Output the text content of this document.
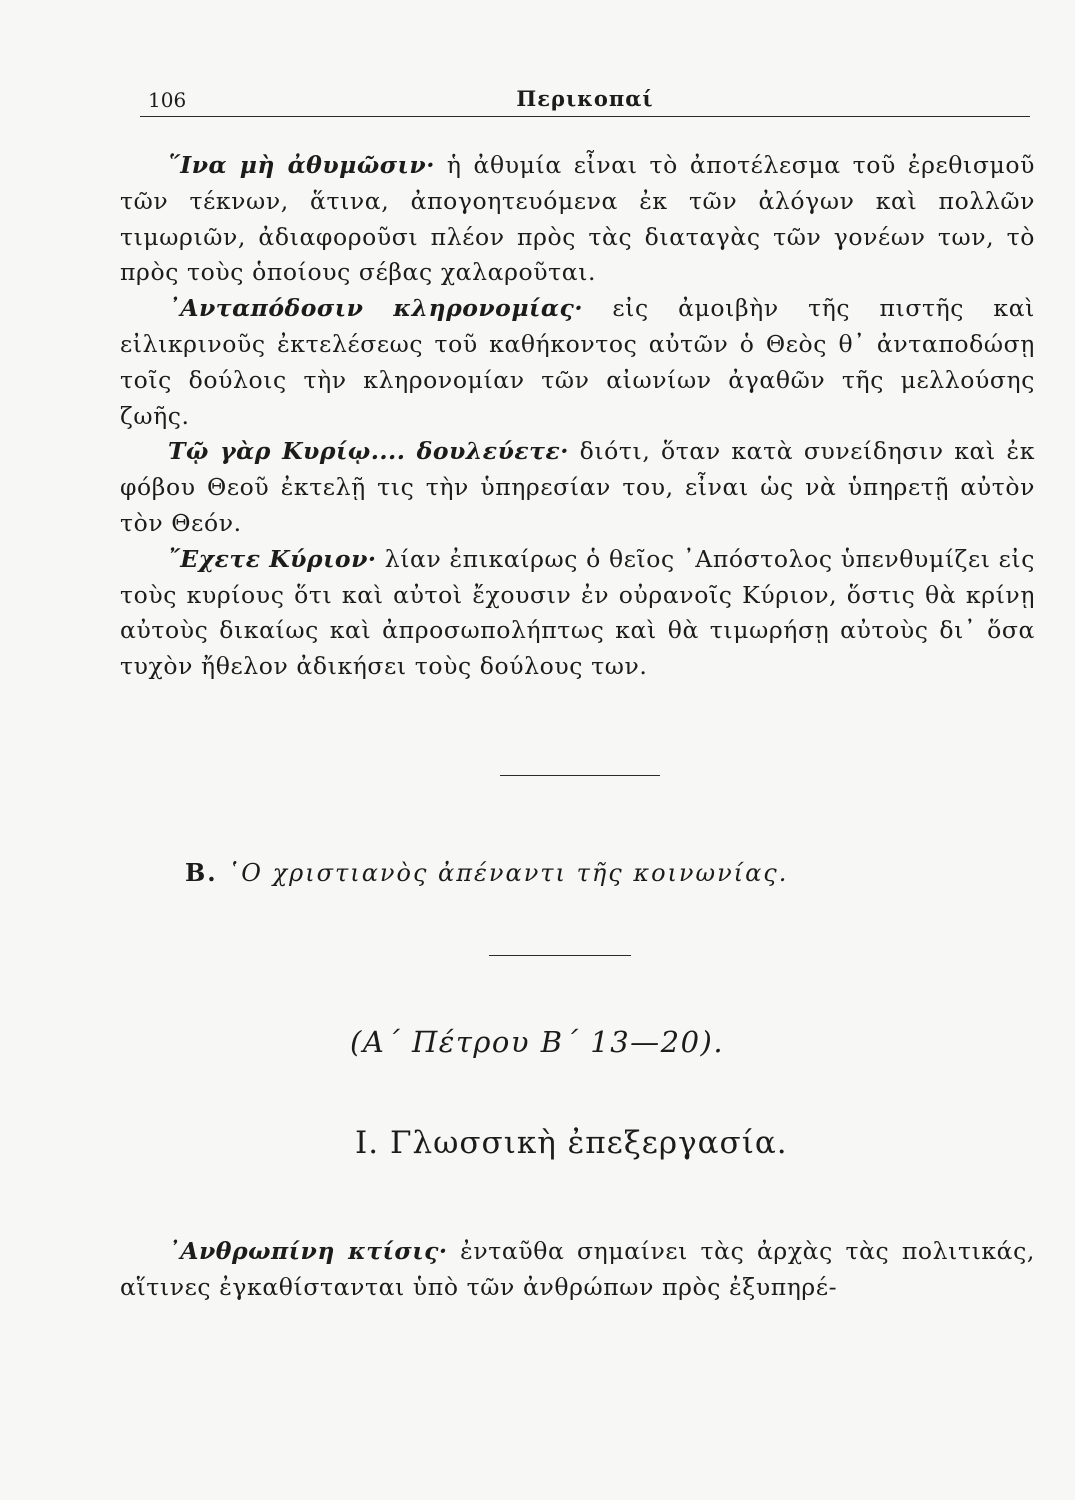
106	Περικοπαί

῞Ινα μὴ ἀθυμῶσιν· ἡ ἀθυμία εἶναι τὸ ἀποτέλεσμα τοῦ ἐρεθισμοῦ τῶν τέκνων, ἅτινα, ἀπογοητευόμενα ἐκ τῶν ἀλόγων καὶ πολλῶν τιμωριῶν, ἀδιαφοροῦσι πλέον πρὸς τὰς διαταγὰς τῶν γονέων των, τὸ πρὸς τοὺς ὁποίους σέβας χαλαροῦται.

᾿Ανταπόδοσιν κληρονομίας· εἰς ἀμοιβὴν τῆς πιστῆς καὶ εἰλικρινοῦς ἐκτελέσεως τοῦ καθήκοντος αὐτῶν ὁ Θεὸς θ᾿ ἀνταποδώσῃ τοῖς δούλοις τὴν κληρονομίαν τῶν αἰωνίων ἀγαθῶν τῆς μελλούσης ζωῆς.

Τῷ γὰρ Κυρίῳ.... δουλεύετε· διότι, ὅταν κατὰ συνείδησιν καὶ ἐκ φόβου Θεοῦ ἐκτελῇ τις τὴν ὑπηρεσίαν του, εἶναι ὡς νὰ ὑπηρετῇ αὐτὸν τὸν Θεόν.

῎Εχετε Κύριον· λίαν ἐπικαίρως ὁ θεῖος ᾿Απόστολος ὑπενθυμίζει εἰς τοὺς κυρίους ὅτι καὶ αὐτοὶ ἔχουσιν ἐν οὐρανοῖς Κύριον, ὅστις θὰ κρίνῃ αὐτοὺς δικαίως καὶ ἀπροσωπολήπτως καὶ θὰ τιμωρήσῃ αὐτοὺς δι᾿ ὅσα τυχὸν ἤθελον ἀδικήσει τοὺς δούλους των.

Β. ῾Ο χριστιανὸς ἀπέναντι τῆς κοινωνίας.
(Α΄ Πέτρου Β΄ 13—20).
I. Γλωσσικὴ ἐπεξεργασία.

᾿Ανθρωπίνη κτίσις· ἐνταῦθα σημαίνει τὰς ἀρχὰς τὰς πολιτικάς, αἵτινες ἐγκαθίστανται ὑπὸ τῶν ἀνθρώπων πρὸς ἐξυπηρέ-
